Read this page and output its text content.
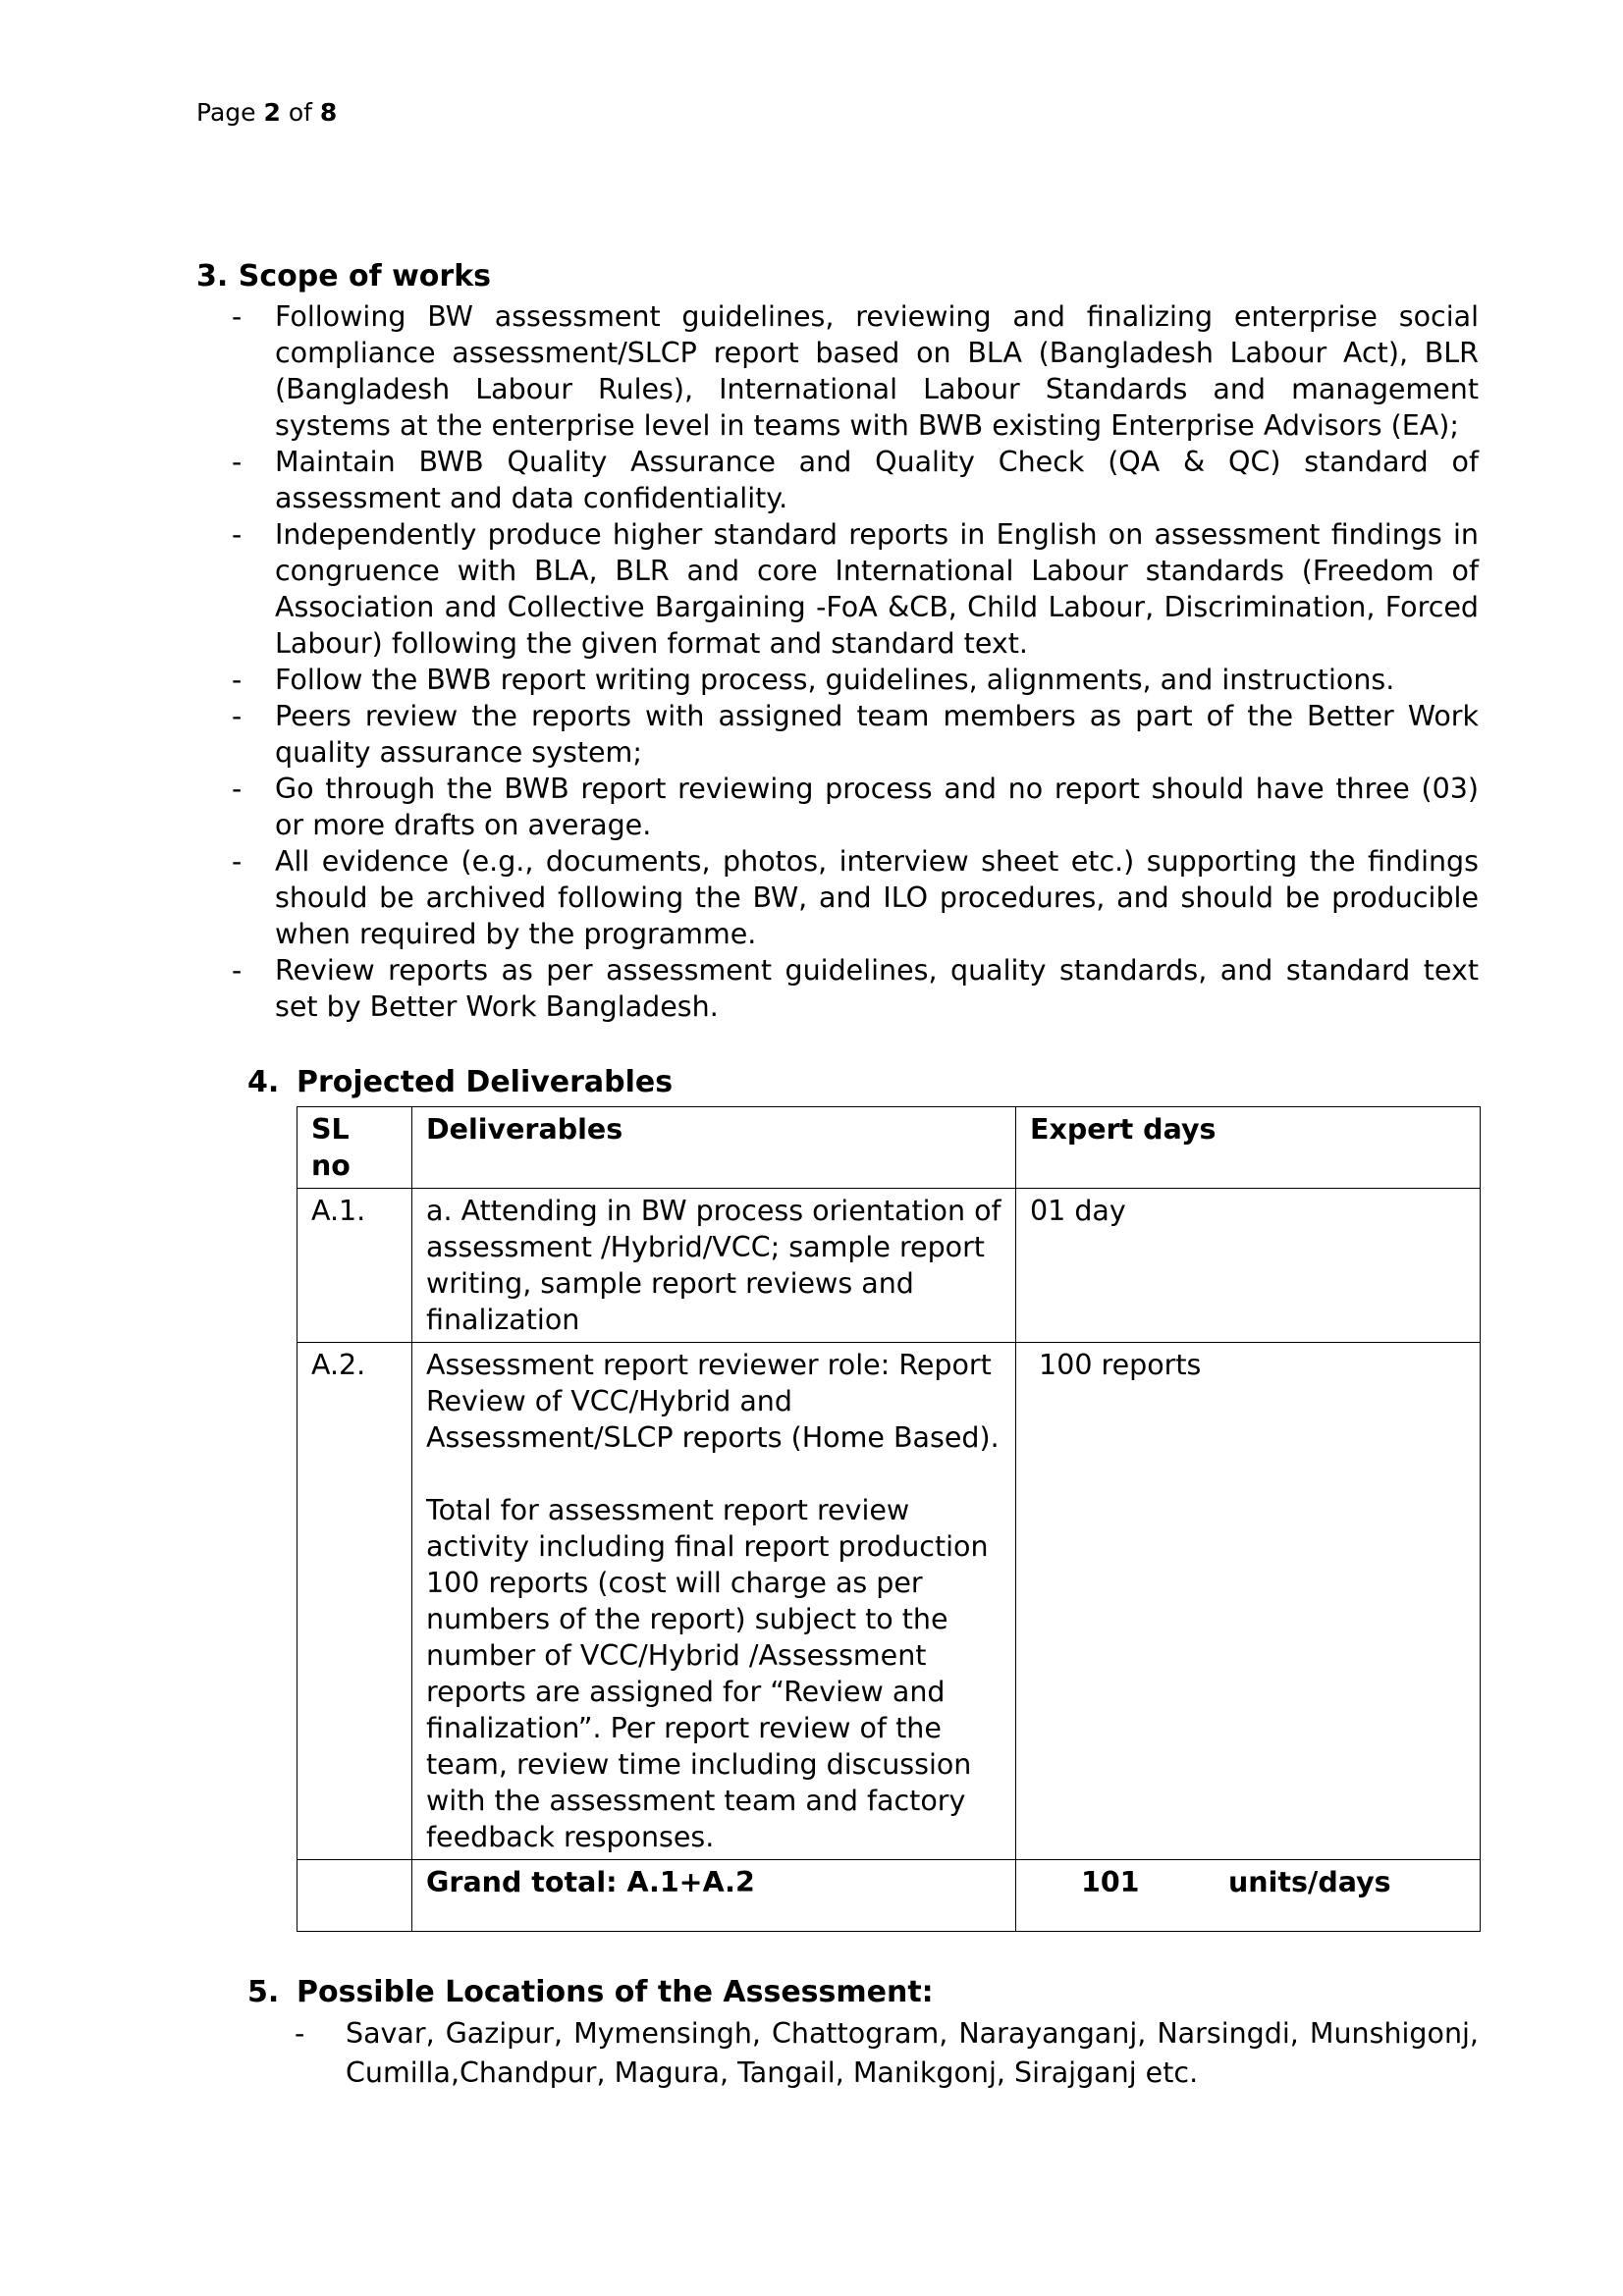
Page 2 of 8
3. Scope of works
- Following BW assessment guidelines, reviewing and finalizing enterprise social compliance assessment/SLCP report based on BLA (Bangladesh Labour Act), BLR (Bangladesh Labour Rules), International Labour Standards and management systems at the enterprise level in teams with BWB existing Enterprise Advisors (EA);
- Maintain BWB Quality Assurance and Quality Check (QA & QC) standard of assessment and data confidentiality.
- Independently produce higher standard reports in English on assessment findings in congruence with BLA, BLR and core International Labour standards (Freedom of Association and Collective Bargaining -FoA &CB, Child Labour, Discrimination, Forced Labour) following the given format and standard text.
- Follow the BWB report writing process, guidelines, alignments, and instructions.
- Peers review the reports with assigned team members as part of the Better Work quality assurance system;
- Go through the BWB report reviewing process and no report should have three (03) or more drafts on average.
- All evidence (e.g., documents, photos, interview sheet etc.) supporting the findings should be archived following the BW, and ILO procedures, and should be producible when required by the programme.
- Review reports as per assessment guidelines, quality standards, and standard text set by Better Work Bangladesh.
4. Projected Deliverables
SL no	Deliverables	Expert days
A.1.	a. Attending in BW process orientation of assessment /Hybrid/VCC; sample report writing, sample report reviews and finalization	01 day
A.2.	Assessment report reviewer role: Report Review of VCC/Hybrid and Assessment/SLCP reports (Home Based).

Total for assessment report review activity including final report production 100 reports (cost will charge as per numbers of the report) subject to the number of VCC/Hybrid /Assessment reports are assigned for “Review and finalization”. Per report review of the team, review time including discussion with the assessment team and factory feedback responses.	100 reports
	Grand total: A.1+A.2	101 units/days
5. Possible Locations of the Assessment:
- Savar, Gazipur, Mymensingh, Chattogram, Narayanganj, Narsingdi, Munshigonj, Cumilla,Chandpur, Magura, Tangail, Manikgonj, Sirajganj etc.
